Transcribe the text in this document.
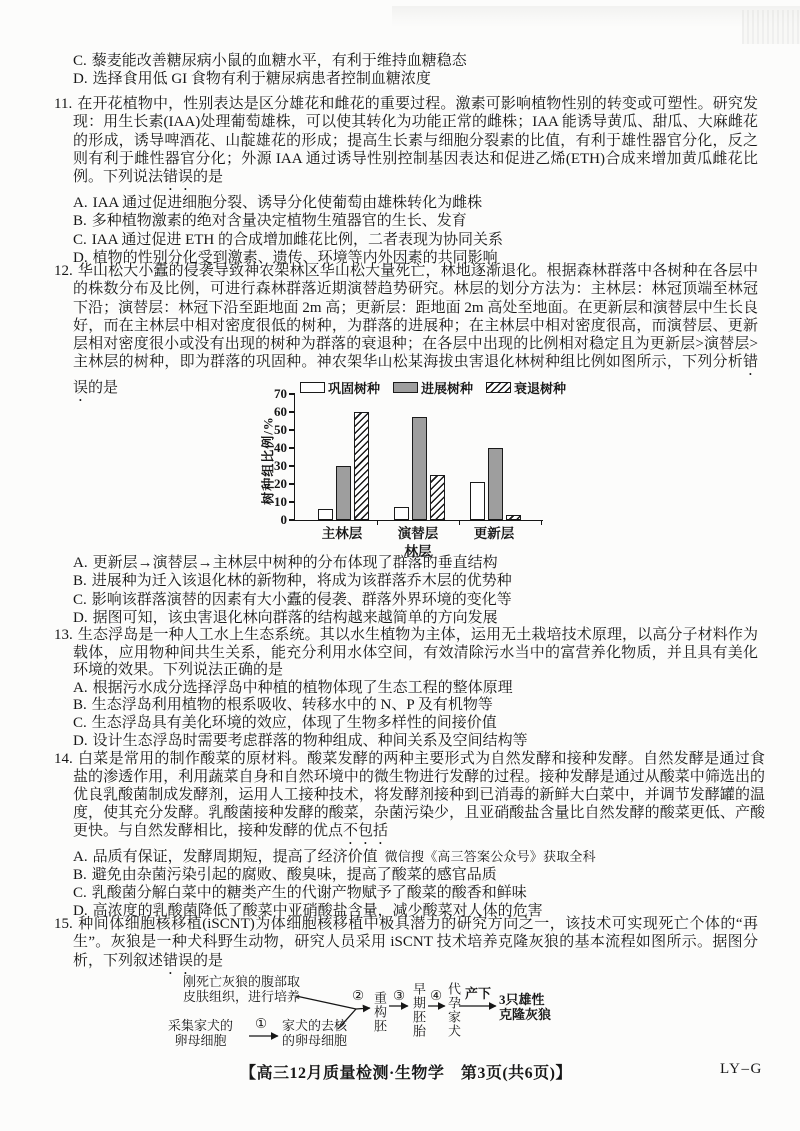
C. 藜麦能改善糖尿病小鼠的血糖水平，有利于维持血糖稳态
D. 选择食用低 GI 食物有利于糖尿病患者控制血糖浓度
11. 在开花植物中，性别表达是区分雄花和雌花的重要过程。激素可影响植物性别的转变或可塑性。研究发现：用生长素(IAA)处理葡萄雄株，可以使其转化为功能正常的雌株；IAA 能诱导黄瓜、甜瓜、大麻雌花的形成，诱导啤酒花、山靛雄花的形成；提高生长素与细胞分裂素的比值，有利于雄性器官分化，反之则有利于雌性器官分化；外源 IAA 通过诱导性别控制基因表达和促进乙烯(ETH)合成来增加黄瓜雌花比例。下列说法错误的是
A. IAA 通过促进细胞分裂、诱导分化使葡萄由雄株转化为雌株
B. 多种植物激素的绝对含量决定植物生殖器官的生长、发育
C. IAA 通过促进 ETH 的合成增加雌花比例，二者表现为协同关系
D. 植物的性别分化受到激素、遗传、环境等内外因素的共同影响
12. 华山松大小蠹的侵袭导致神农架林区华山松大量死亡，林地逐渐退化。根据森林群落中各树种在各层中的株数分布及比例，可进行森林群落近期演替趋势研究。林层的划分方法为：主林层：林冠顶端至林冠下沿；演替层：林冠下沿至距地面 2m 高；更新层：距地面 2m 高处至地面。在更新层和演替层中生长良好，而在主林层中相对密度很低的树种，为群落的进展种；在主林层中相对密度很高，而演替层、更新层相对密度很小或没有出现的树种为群落的衰退种；在各层中出现的比例相对稳定且为更新层>演替层>主林层的树种，即为群落的巩固种。神农架华山松某海拔虫害退化林树种组比例如图所示，下列分析错误的是	巩固树种	进展树种	衰退树种
树种组比例/%
0
10
20
30
40
50
60
70
主林层	演替层	更新层
林层
A. 更新层→演替层→主林层中树种的分布体现了群落的垂直结构
B. 进展种为迁入该退化林的新物种，将成为该群落乔木层的优势种
C. 影响该群落演替的因素有大小蠹的侵袭、群落外界环境的变化等
D. 据图可知，该虫害退化林向群落的结构越来越简单的方向发展
13. 生态浮岛是一种人工水上生态系统。其以水生植物为主体，运用无土栽培技术原理，以高分子材料作为载体，应用物种间共生关系，能充分利用水体空间，有效清除污水当中的富营养化物质，并且具有美化环境的效果。下列说法正确的是
A. 根据污水成分选择浮岛中种植的植物体现了生态工程的整体原理
B. 生态浮岛利用植物的根系吸收、转移水中的 N、P 及有机物等
C. 生态浮岛具有美化环境的效应，体现了生物多样性的间接价值
D. 设计生态浮岛时需要考虑群落的物种组成、种间关系及空间结构等
14. 白菜是常用的制作酸菜的原材料。酸菜发酵的两种主要形式为自然发酵和接种发酵。自然发酵是通过食盐的渗透作用，利用蔬菜自身和自然环境中的微生物进行发酵的过程。接种发酵是通过从酸菜中筛选出的优良乳酸菌制成发酵剂，运用人工接种技术，将发酵剂接种到已消毒的新鲜大白菜中，并调节发酵罐的温度，使其充分发酵。乳酸菌接种发酵的酸菜，杂菌污染少，且亚硝酸盐含量比自然发酵的酸菜更低、产酸更快。与自然发酵相比，接种发酵的优点不包括
A. 品质有保证，发酵周期短，提高了经济价值 微信搜《高三答案公众号》获取全科
B. 避免由杂菌污染引起的腐败、酸臭味，提高了酸菜的感官品质
C. 乳酸菌分解白菜中的糖类产生的代谢产物赋予了酸菜的酸香和鲜味
D. 高浓度的乳酸菌降低了酸菜中亚硝酸盐含量，减少酸菜对人体的危害
15. 种间体细胞核移植(iSCNT)为体细胞核移植中极具潜力的研究方向之一，该技术可实现死亡个体的“再生”。灰狼是一种犬科野生动物，研究人员采用 iSCNT 技术培养克隆灰狼的基本流程如图所示。据图分析，下列叙述错误的是
刚死亡灰狼的腹部取
皮肤组织，进行培养
采集家犬的
卵母细胞
① 家犬的去核
的卵母细胞
② 重构胚 ③ 早期胚胎 ④ 代孕家犬 产下 3只雄性
克隆灰狼
【高三12月质量检测·生物学　第3页(共6页)】	LY–G
